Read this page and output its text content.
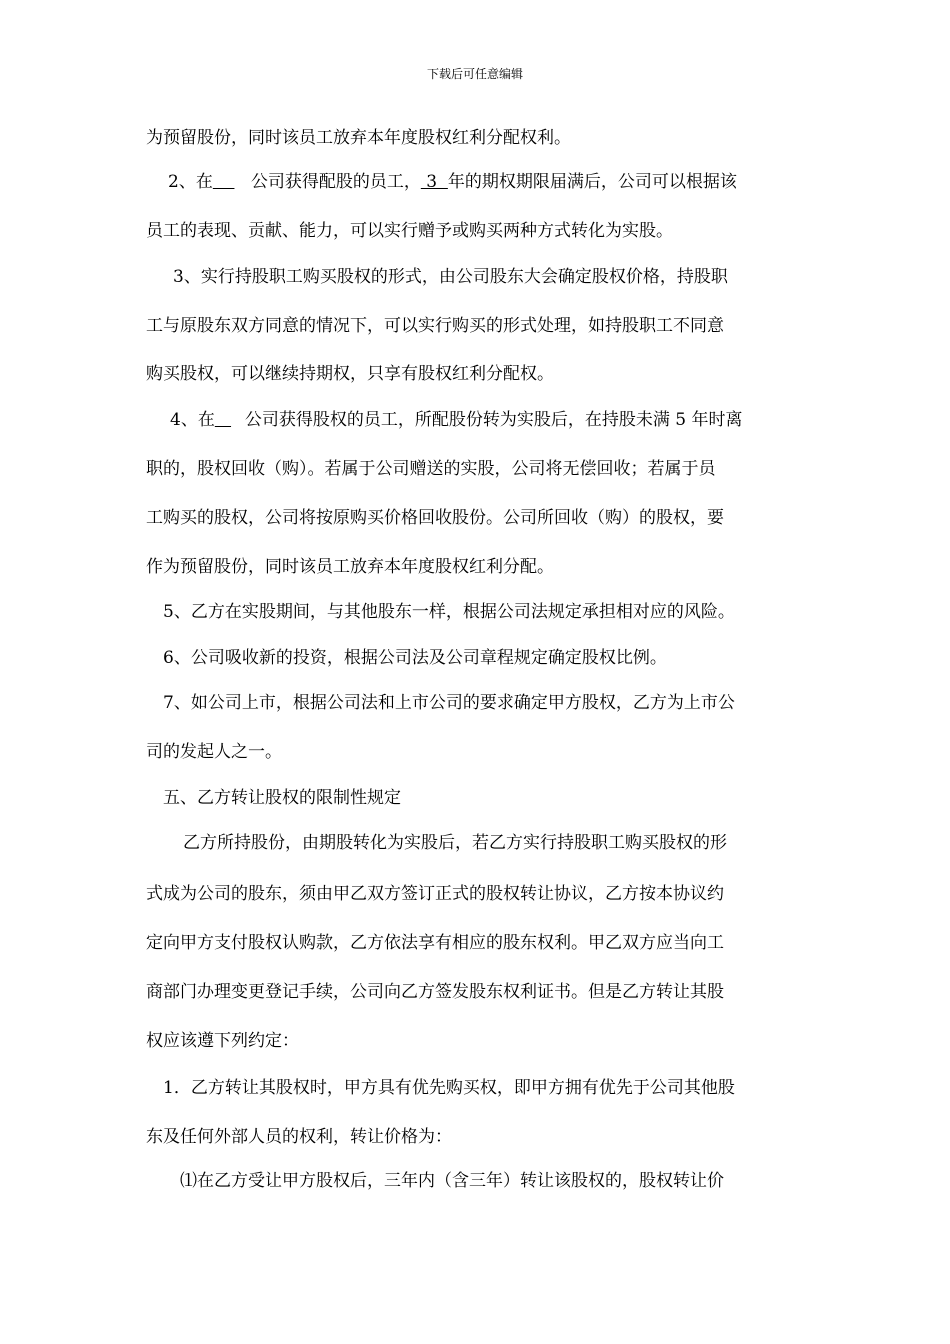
下载后可任意编辑
为预留股份，同时该员工放弃本年度股权红利分配权利。
2、在 公司获得配股的员工， 3  年的期权期限届满后，公司可以根据该
员工的表现、贡献、能力，可以实行赠予或购买两种方式转化为实股。
3、实行持股职工购买股权的形式，由公司股东大会确定股权价格，持股职
工与原股东双方同意的情况下，可以实行购买的形式处理，如持股职工不同意
购买股权，可以继续持期权，只享有股权红利分配权。
4、在 公司获得股权的员工，所配股份转为实股后，在持股未满 5 年时离
职的，股权回收（购）。若属于公司赠送的实股，公司将无偿回收；若属于员
工购买的股权，公司将按原购买价格回收股份。公司所回收（购）的股权，要
作为预留股份，同时该员工放弃本年度股权红利分配。
5、乙方在实股期间，与其他股东一样，根据公司法规定承担相对应的风险。
6、公司吸收新的投资，根据公司法及公司章程规定确定股权比例。
7、如公司上市，根据公司法和上市公司的要求确定甲方股权，乙方为上市公
司的发起人之一。
五、乙方转让股权的限制性规定
乙方所持股份，由期股转化为实股后，若乙方实行持股职工购买股权的形
式成为公司的股东，须由甲乙双方签订正式的股权转让协议，乙方按本协议约
定向甲方支付股权认购款，乙方依法享有相应的股东权利。甲乙双方应当向工
商部门办理变更登记手续，公司向乙方签发股东权利证书。但是乙方转让其股
权应该遵下列约定：
1．乙方转让其股权时，甲方具有优先购买权，即甲方拥有优先于公司其他股
东及任何外部人员的权利，转让价格为：
⑴在乙方受让甲方股权后，三年内（含三年）转让该股权的，股权转让价
